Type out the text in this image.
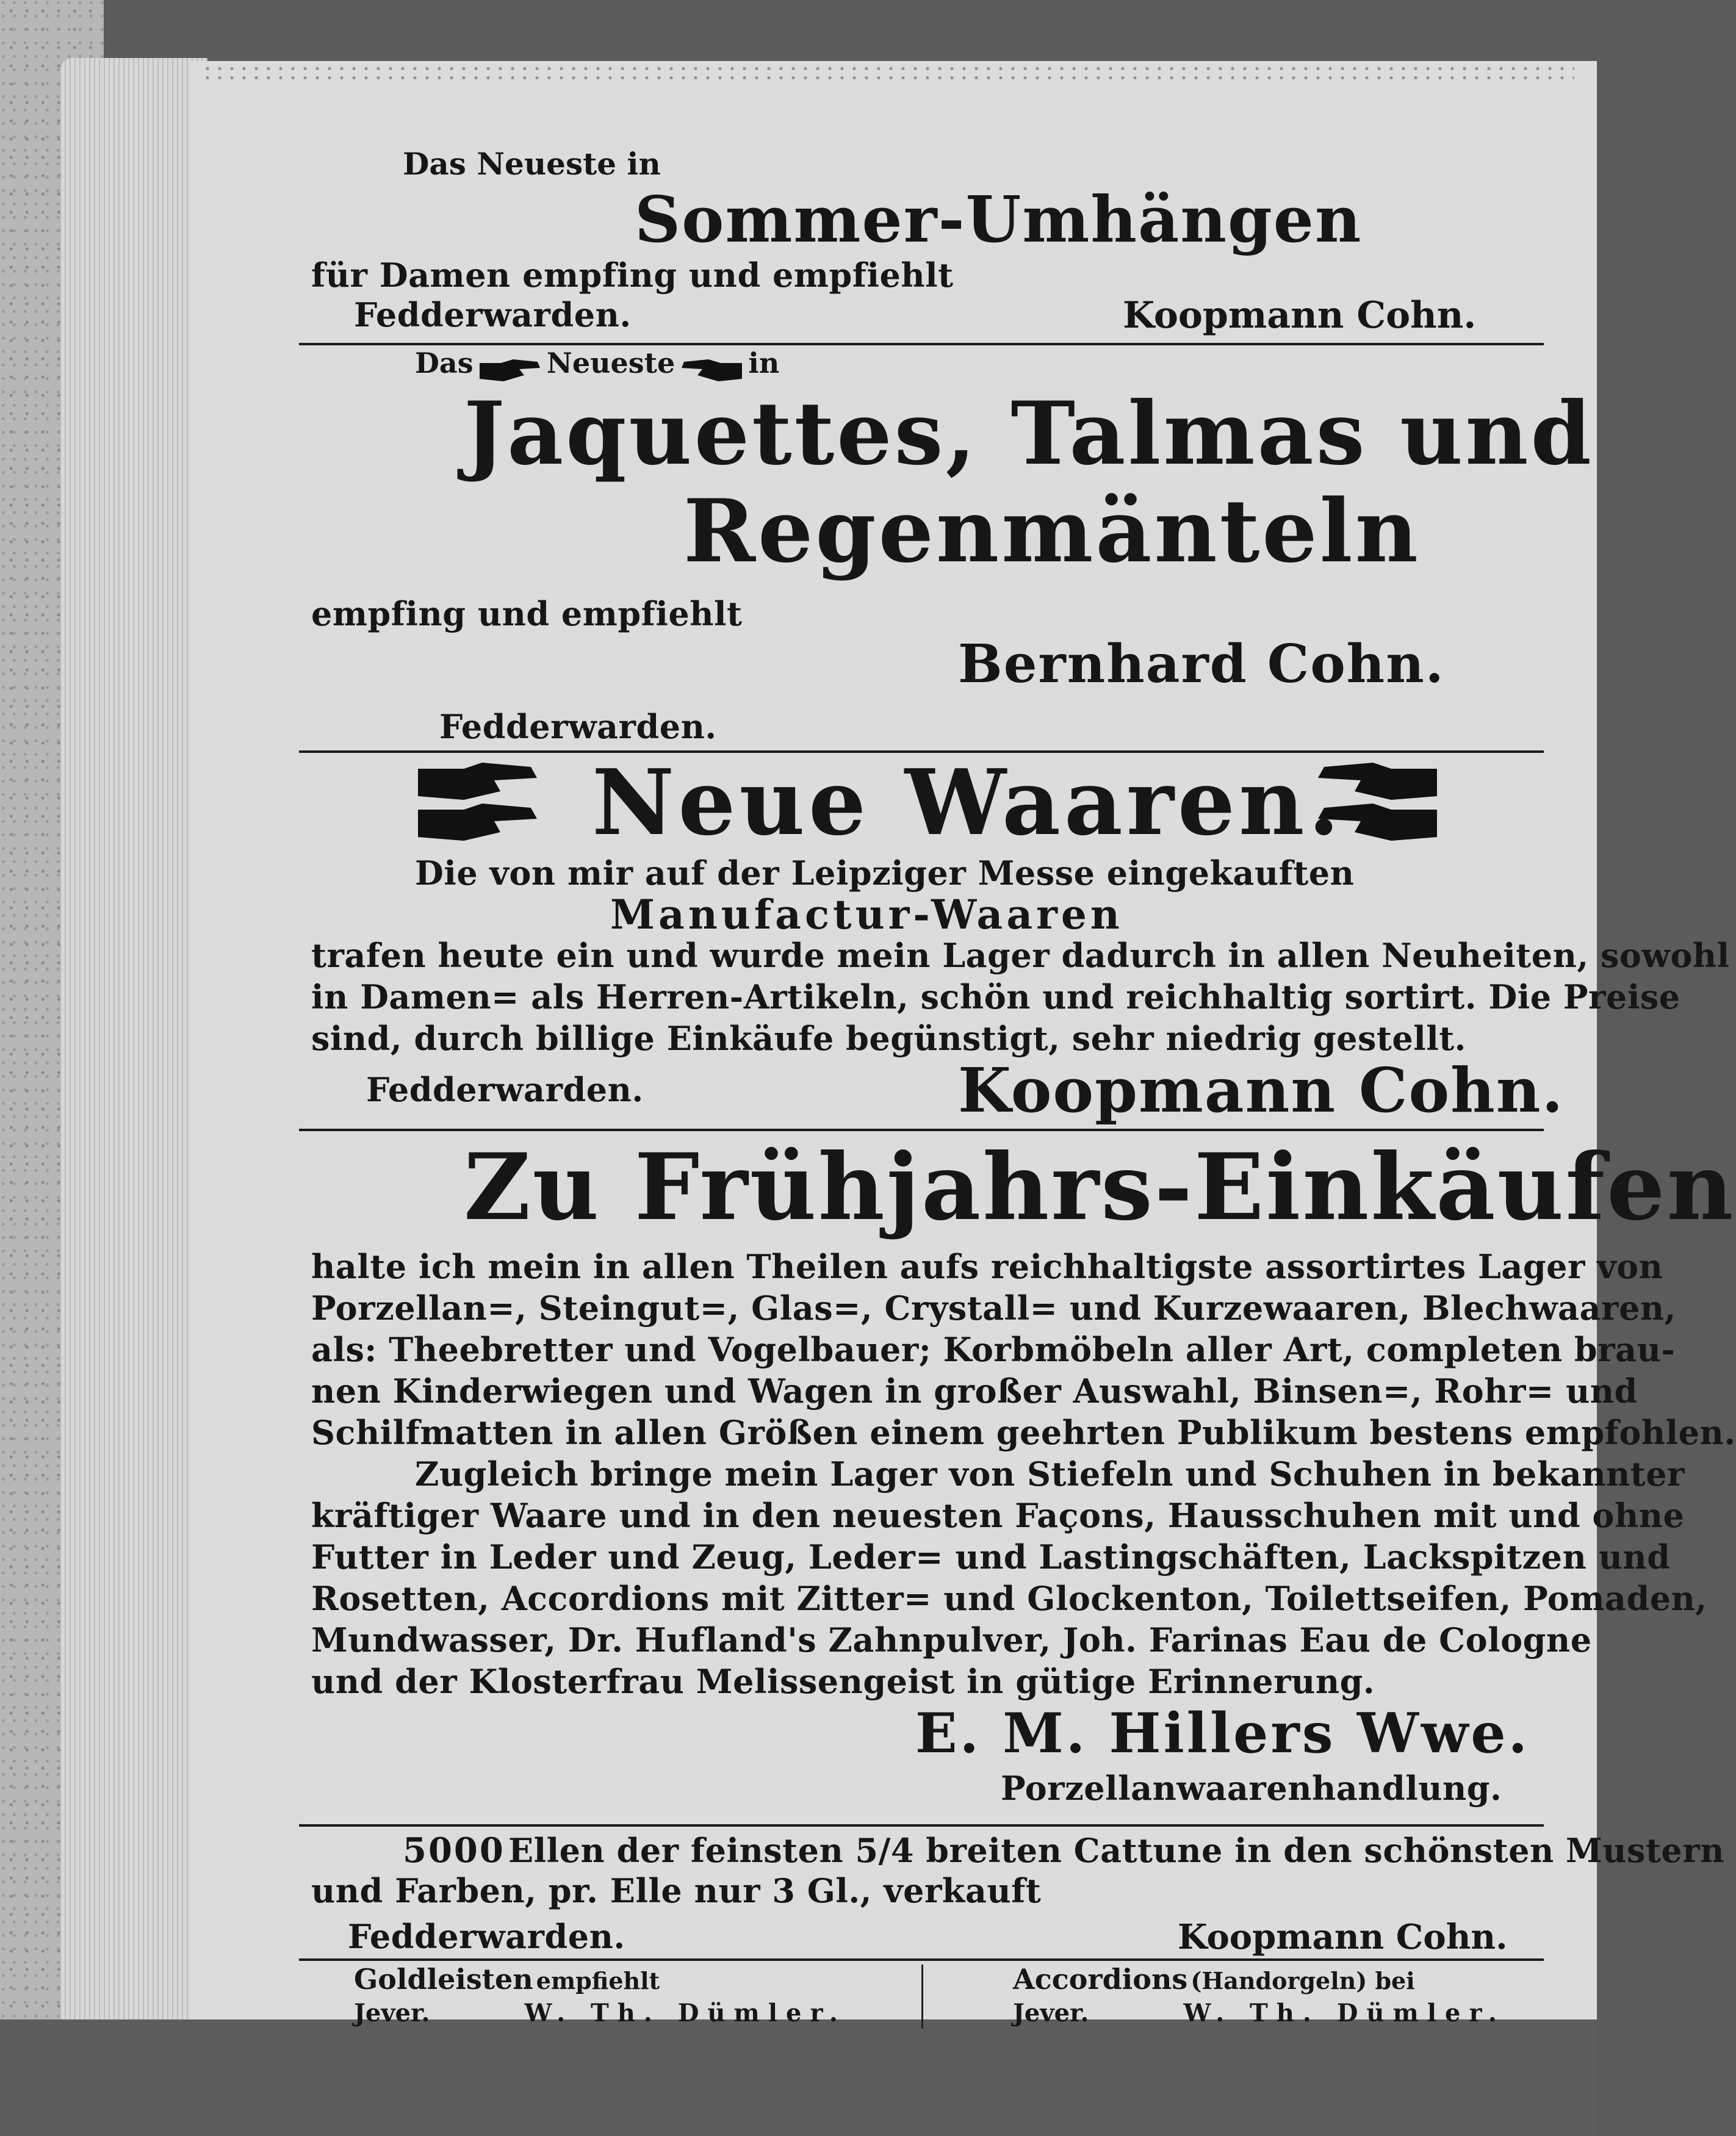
Das Neueste in
Sommer-Umhängen
für Damen empfing und empfiehlt
Fedderwarden.	Koopmann Cohn.
Das	Neueste	in
Jaquettes, Talmas und
Regenmänteln
empfing und empfiehlt
Bernhard Cohn.
Fedderwarden.
Neue Waaren.
Die von mir auf der Leipziger Messe eingekauften
Manufactur-Waaren
trafen heute ein und wurde mein Lager dadurch in allen Neuheiten, sowohl
in Damen= als Herren-Artikeln, schön und reichhaltig sortirt. Die Preise
sind, durch billige Einkäufe begünstigt, sehr niedrig gestellt.
Fedderwarden.	Koopmann Cohn.
Zu Frühjahrs-Einkäufen
halte ich mein in allen Theilen aufs reichhaltigste assortirtes Lager von
Porzellan=, Steingut=, Glas=, Crystall= und Kurzewaaren, Blechwaaren,
als: Theebretter und Vogelbauer; Korbmöbeln aller Art, completen brau-
nen Kinderwiegen und Wagen in großer Auswahl, Binsen=, Rohr= und
Schilfmatten in allen Größen einem geehrten Publikum bestens empfohlen.
Zugleich bringe mein Lager von Stiefeln und Schuhen in bekannter
kräftiger Waare und in den neuesten Façons, Hausschuhen mit und ohne
Futter in Leder und Zeug, Leder= und Lastingschäften, Lackspitzen und
Rosetten, Accordions mit Zitter= und Glockenton, Toilettseifen, Pomaden,
Mundwasser, Dr. Hufland's Zahnpulver, Joh. Farinas Eau de Cologne
und der Klosterfrau Melissengeist in gütige Erinnerung.
E. M. Hillers Wwe.
Porzellanwaarenhandlung.
5000 Ellen der feinsten 5/4 breiten Cattune in den schönsten Mustern
und Farben, pr. Elle nur 3 Gl., verkauft
Fedderwarden.	Koopmann Cohn.
Goldleisten empfiehlt
Jever.	W. Th. Dümler.
Accordions (Handorgeln) bei
Jever.	W. Th. Dümler.
